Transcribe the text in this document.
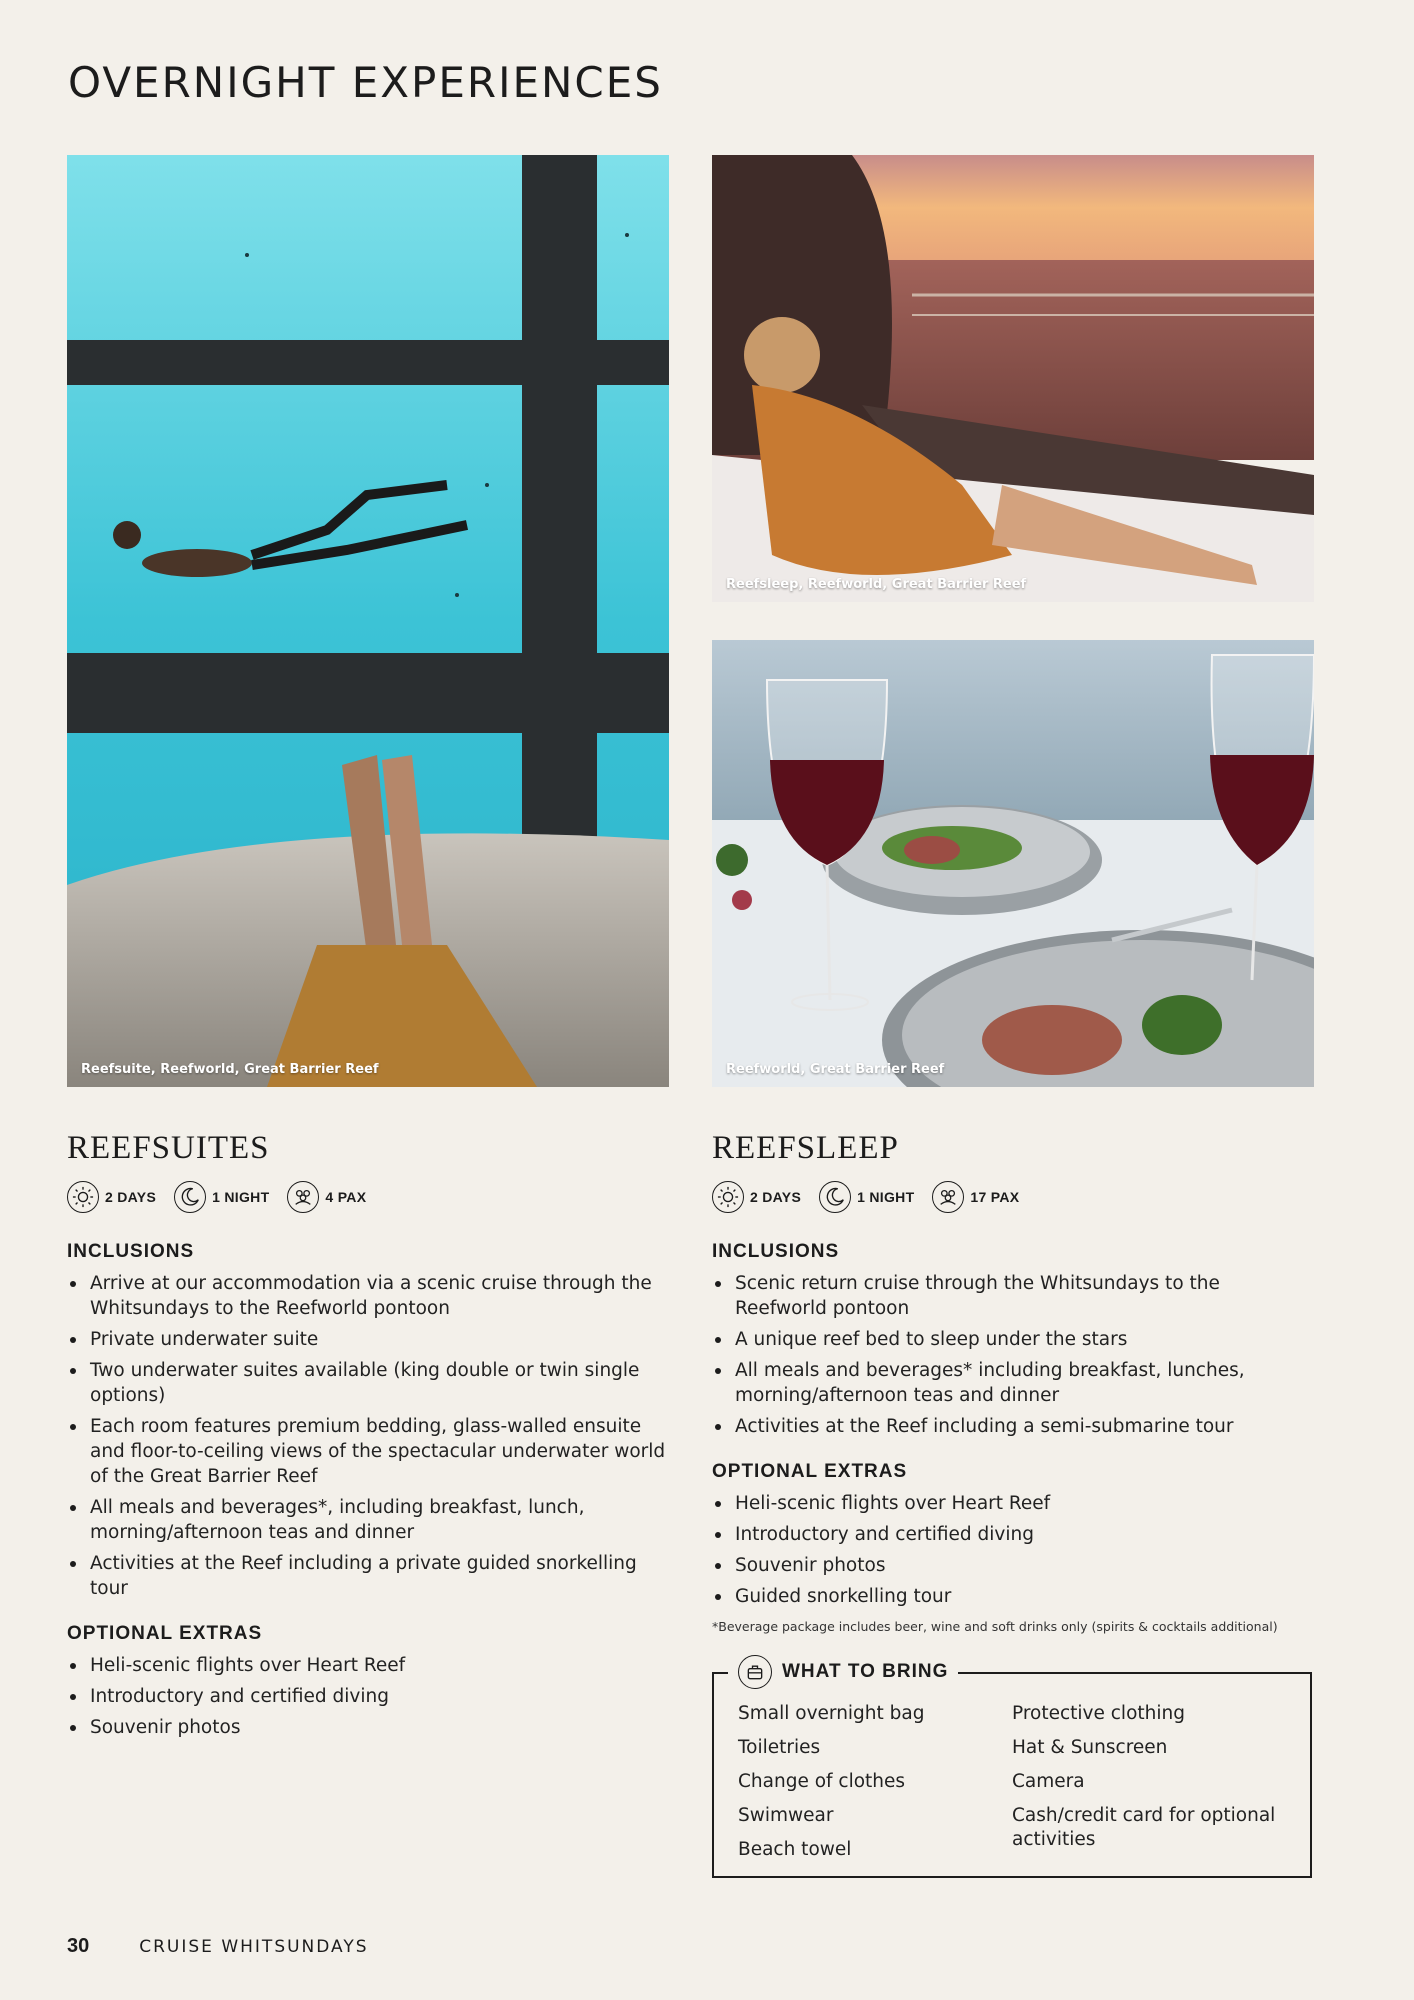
OVERNIGHT EXPERIENCES
Reefsuite, Reefworld, Great Barrier Reef
Reefsleep, Reefworld, Great Barrier Reef
Reefworld, Great Barrier Reef
REEFSUITES
2 DAYS	1 NIGHT	4 PAX
INCLUSIONS
Arrive at our accommodation via a scenic cruise through the Whitsundays to the Reefworld pontoon
Private underwater suite
Two underwater suites available (king double or twin single options)
Each room features premium bedding, glass-walled ensuite and floor-to-ceiling views of the spectacular underwater world of the Great Barrier Reef
All meals and beverages*, including breakfast, lunch, morning/afternoon teas and dinner
Activities at the Reef including a private guided snorkelling tour
OPTIONAL EXTRAS
Heli-scenic flights over Heart Reef
Introductory and certified diving
Souvenir photos
REEFSLEEP
2 DAYS	1 NIGHT	17 PAX
INCLUSIONS
Scenic return cruise through the Whitsundays to the Reefworld pontoon
A unique reef bed to sleep under the stars
All meals and beverages* including breakfast, lunches, morning/afternoon teas and dinner
Activities at the Reef including a semi-submarine tour
OPTIONAL EXTRAS
Heli-scenic flights over Heart Reef
Introductory and certified diving
Souvenir photos
Guided snorkelling tour

*Beverage package includes beer, wine and soft drinks only (spirits & cocktails additional)

WHAT TO BRING

Small overnight bag

Toiletries

Change of clothes

Swimwear

Beach towel

Protective clothing

Hat & Sunscreen

Camera

Cash/credit card for optional activities

30	CRUISE WHITSUNDAYS
